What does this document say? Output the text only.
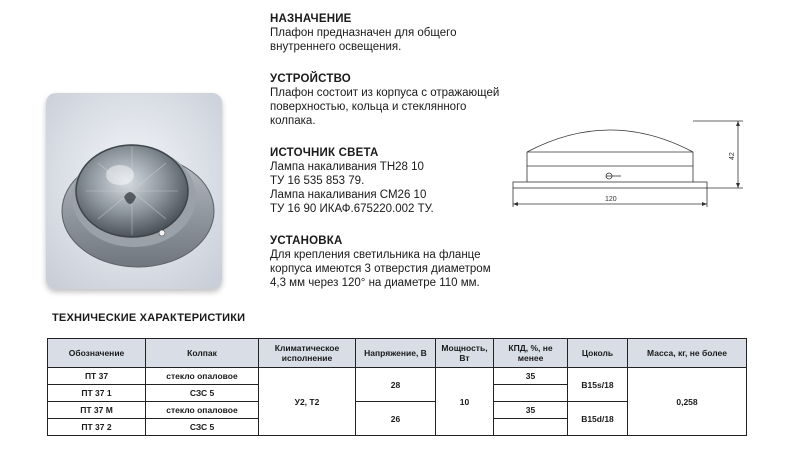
НАЗНАЧЕНИЕ
Плафон предназначен для общего
внутреннего освещения.
УСТРОЙСТВО
Плафон состоит из корпуса с отражающей
поверхностью, кольца и стеклянного
колпака.
ИСТОЧНИК СВЕТА
Лампа накаливания ТН28 10
ТУ 16 535 853 79.
Лампа накаливания СМ26 10
ТУ 16 90 ИКАФ.675220.002 ТУ.
УСТАНОВКА
Для крепления светильника на фланце
корпуса имеются 3 отверстия диаметром
4,3 мм через 120° на диаметре 110 мм.
120
42
ТЕХНИЧЕСКИЕ ХАРАКТЕРИСТИКИ
Обозначение	Колпак	Климатическое исполнение	Напряжение, В	Мощность, Вт	КПД, %, не менее	Цоколь	Масса, кг, не более
ПТ 37	стекло опаловое	У2, Т2	28	10	35	B15s/18	0,258
ПТ 37 1	СЗС 5						
ПТ 37 М	стекло опаловое		26		35	B15d/18	
ПТ 37 2	СЗС 5						
